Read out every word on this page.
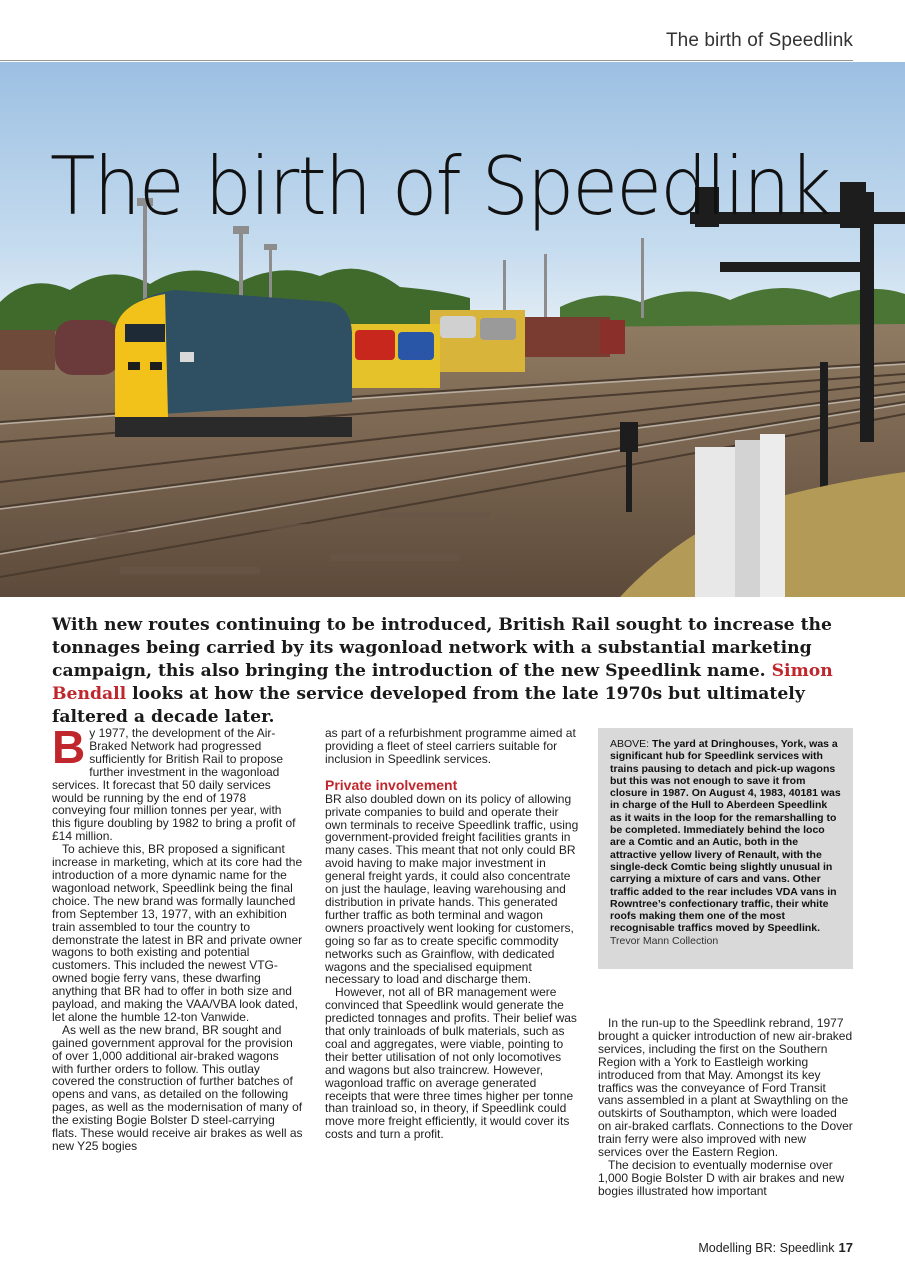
The birth of Speedlink
The birth of Speedlink

With new routes continuing to be introduced, British Rail sought to increase the tonnages being carried by its wagonload network with a substantial marketing campaign, this also bringing the introduction of the new Speedlink name. Simon Bendall looks at how the service developed from the late 1970s but ultimately faltered a decade later.

By 1977, the development of the Air-Braked Network had progressed sufficiently for British Rail to propose further investment in the wagonload services. It forecast that 50 daily services would be running by the end of 1978 conveying four million tonnes per year, with this figure doubling by 1982 to bring a profit of £14 million.

To achieve this, BR proposed a significant increase in marketing, which at its core had the introduction of a more dynamic name for the wagonload network, Speedlink being the final choice. The new brand was formally launched from September 13, 1977, with an exhibition train assembled to tour the country to demonstrate the latest in BR and private owner wagons to both existing and potential customers. This included the newest VTG-owned bogie ferry vans, these dwarfing anything that BR had to offer in both size and payload, and making the VAA/VBA look dated, let alone the humble 12-ton Vanwide.

As well as the new brand, BR sought and gained government approval for the provision of over 1,000 additional air-braked wagons with further orders to follow. This outlay covered the construction of further batches of opens and vans, as detailed on the following pages, as well as the modernisation of many of the existing Bogie Bolster D steel-carrying flats. These would receive air brakes as well as new Y25 bogies

as part of a refurbishment programme aimed at providing a fleet of steel carriers suitable for inclusion in Speedlink services.

Private involvement

BR also doubled down on its policy of allowing private companies to build and operate their own terminals to receive Speedlink traffic, using government-provided freight facilities grants in many cases. This meant that not only could BR avoid having to make major investment in general freight yards, it could also concentrate on just the haulage, leaving warehousing and distribution in private hands. This generated further traffic as both terminal and wagon owners proactively went looking for customers, going so far as to create specific commodity networks such as Grainflow, with dedicated wagons and the specialised equipment necessary to load and discharge them.

However, not all of BR management were convinced that Speedlink would generate the predicted tonnages and profits. Their belief was that only trainloads of bulk materials, such as coal and aggregates, were viable, pointing to their better utilisation of not only locomotives and wagons but also traincrew. However, wagonload traffic on average generated receipts that were three times higher per tonne than trainload so, in theory, if Speedlink could move more freight efficiently, it would cover its costs and turn a profit.

ABOVE: The yard at Dringhouses, York, was a significant hub for Speedlink services with trains pausing to detach and pick-up wagons but this was not enough to save it from closure in 1987. On August 4, 1983, 40181 was in charge of the Hull to Aberdeen Speedlink as it waits in the loop for the remarshalling to be completed. Immediately behind the loco are a Comtic and an Autic, both in the attractive yellow livery of Renault, with the single-deck Comtic being slightly unusual in carrying a mixture of cars and vans. Other traffic added to the rear includes VDA vans in Rowntree’s confectionary traffic, their white roofs making them one of the most recognisable traffics moved by Speedlink.
Trevor Mann Collection

In the run-up to the Speedlink rebrand, 1977 brought a quicker introduction of new air-braked services, including the first on the Southern Region with a York to Eastleigh working introduced from that May. Amongst its key traffics was the conveyance of Ford Transit vans assembled in a plant at Swaythling on the outskirts of Southampton, which were loaded on air-braked carflats. Connections to the Dover train ferry were also improved with new services over the Eastern Region.

The decision to eventually modernise over 1,000 Bogie Bolster D with air brakes and new bogies illustrated how important

Modelling BR: Speedlink 17
